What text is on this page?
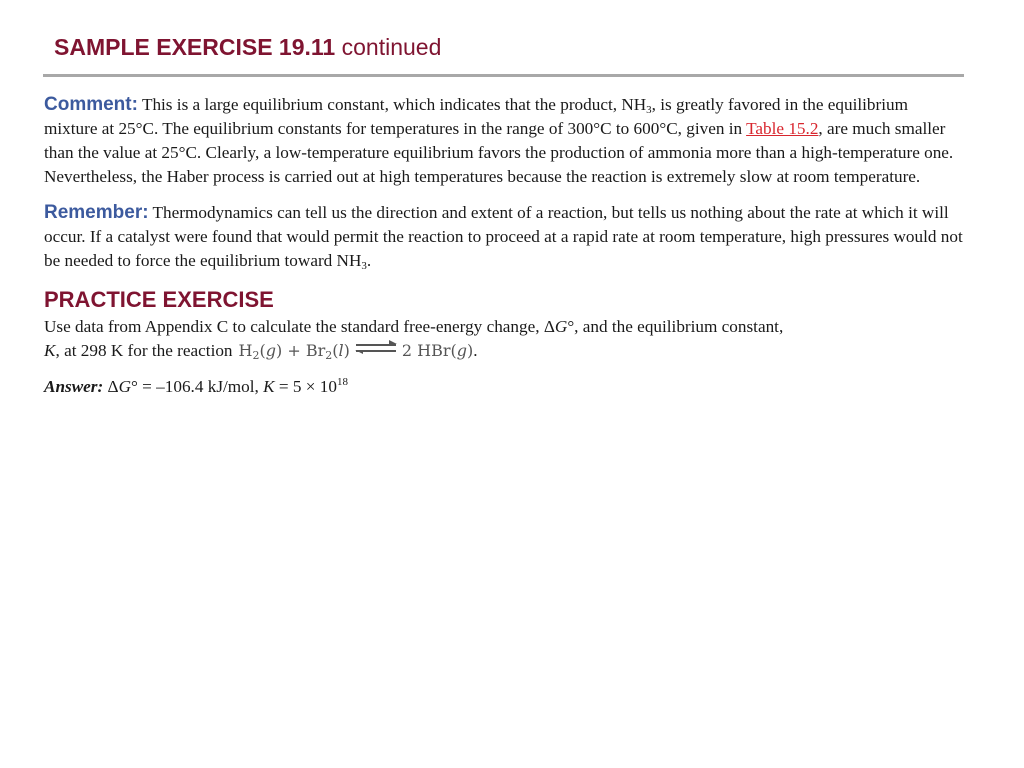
SAMPLE EXERCISE 19.11 continued

Comment: This is a large equilibrium constant, which indicates that the product, $NH_3$, is greatly favored in the equilibrium mixture at 25°C. The equilibrium constants for temperatures in the range of 300°C to 600°C, given in Table 15.2, are much smaller than the value at 25°C. Clearly, a low-temperature equilibrium favors the production of ammonia more than a high-temperature one. Nevertheless, the Haber process is carried out at high temperatures because the reaction is extremely slow at room temperature.

Remember: Thermodynamics can tell us the direction and extent of a reaction, but tells us nothing about the rate at which it will occur. If a catalyst were found that would permit the reaction to proceed at a rapid rate at room temperature, high pressures would not be needed to force the equilibrium toward $NH_3$.

PRACTICE EXERCISE

Use data from Appendix C to calculate the standard free-energy change, ΔG°, and the equilibrium constant,
K, at 298 K for the reaction $H_2(g) + Br_2(l)$ ⇌ 2 HBr(g).

Answer: ΔG° = –106.4 kJ/mol, $K = 5 \times 10^{18}$
